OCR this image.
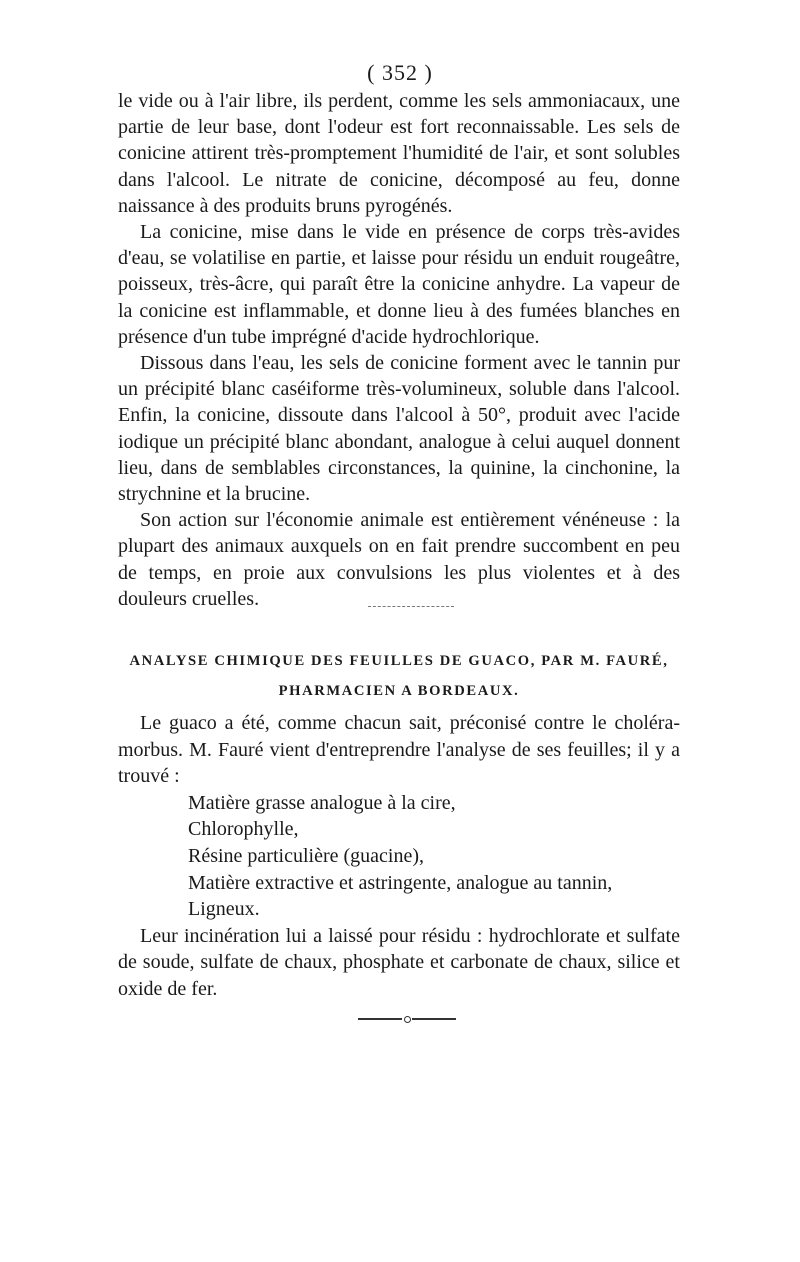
( 352 )

le vide ou à l'air libre, ils perdent, comme les sels ammoniacaux, une partie de leur base, dont l'odeur est fort reconnaissable. Les sels de conicine attirent très-promptement l'humidité de l'air, et sont solubles dans l'alcool. Le nitrate de conicine, décomposé au feu, donne naissance à des produits bruns pyrogénés.

La conicine, mise dans le vide en présence de corps très-avides d'eau, se volatilise en partie, et laisse pour résidu un enduit rougeâtre, poisseux, très-âcre, qui paraît être la conicine anhydre. La vapeur de la conicine est inflammable, et donne lieu à des fumées blanches en présence d'un tube imprégné d'acide hydrochlorique.

Dissous dans l'eau, les sels de conicine forment avec le tannin pur un précipité blanc caséiforme très-volumineux, soluble dans l'alcool. Enfin, la conicine, dissoute dans l'alcool à 50°, produit avec l'acide iodique un précipité blanc abondant, analogue à celui auquel donnent lieu, dans de semblables circonstances, la quinine, la cinchonine, la strychnine et la brucine.

Son action sur l'économie animale est entièrement vénéneuse : la plupart des animaux auxquels on en fait prendre succombent en peu de temps, en proie aux convulsions les plus violentes et à des douleurs cruelles.

ANALYSE CHIMIQUE DES FEUILLES DE GUACO, PAR M. FAURÉ,
PHARMACIEN A BORDEAUX.

Le guaco a été, comme chacun sait, préconisé contre le choléra-morbus. M. Fauré vient d'entreprendre l'analyse de ses feuilles; il y a trouvé :

Matière grasse analogue à la cire,
Chlorophylle,
Résine particulière (guacine),
Matière extractive et astringente, analogue au tannin,
Ligneux.

Leur incinération lui a laissé pour résidu : hydrochlorate et sulfate de soude, sulfate de chaux, phosphate et carbonate de chaux, silice et oxide de fer.
